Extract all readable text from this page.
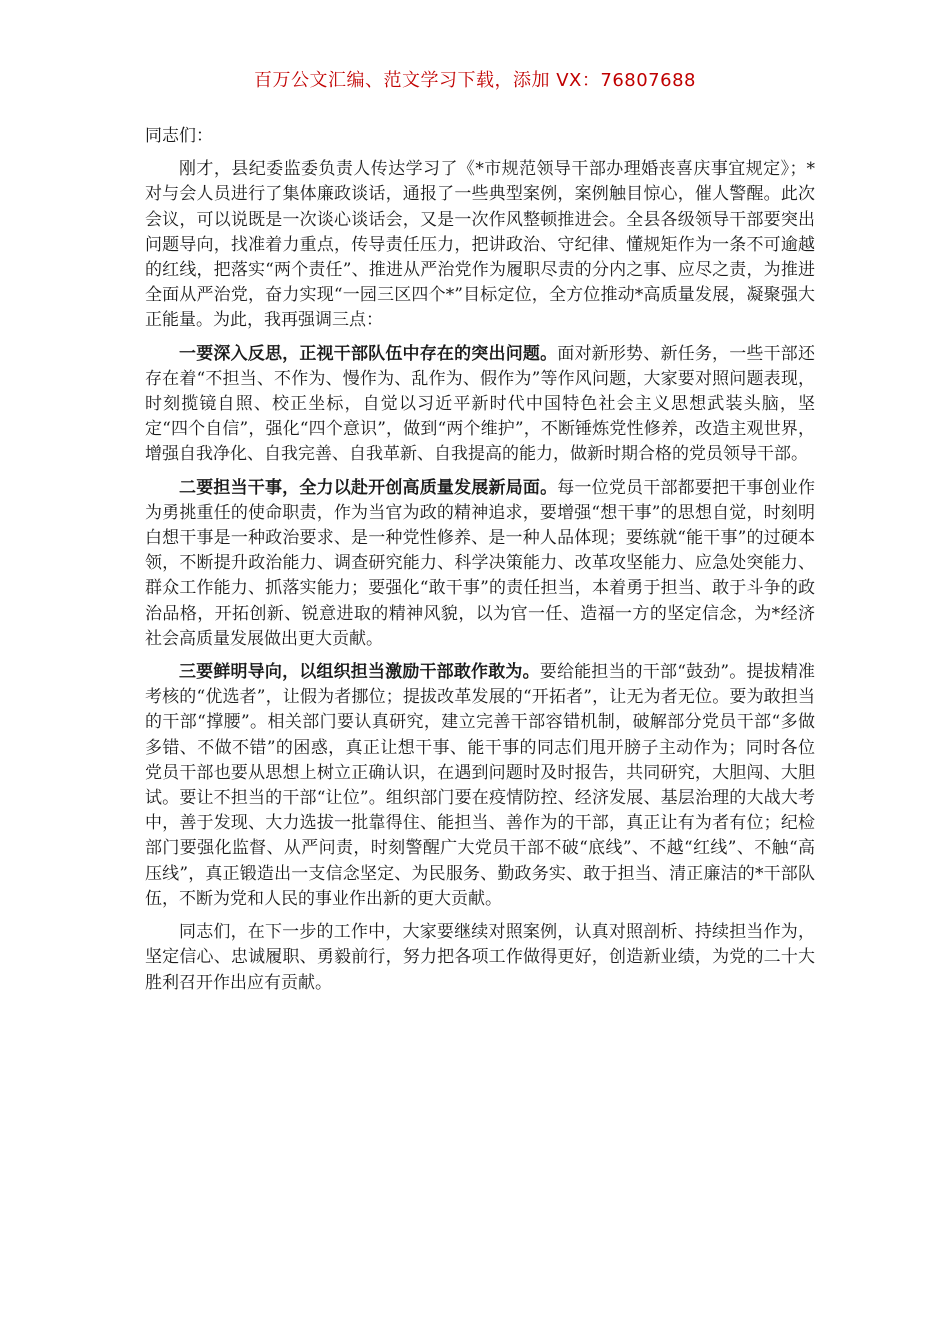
百万公文汇编、范文学习下载，添加 VX：76807688

同志们：

刚才，县纪委监委负责人传达学习了《*市规范领导干部办理婚丧喜庆事宜规定》；*对与会人员进行了集体廉政谈话，通报了一些典型案例，案例触目惊心，催人警醒。此次会议，可以说既是一次谈心谈话会，又是一次作风整顿推进会。全县各级领导干部要突出问题导向，找准着力重点，传导责任压力，把讲政治、守纪律、懂规矩作为一条不可逾越的红线，把落实“两个责任”、推进从严治党作为履职尽责的分内之事、应尽之责，为推进全面从严治党，奋力实现“一园三区四个*”目标定位，全方位推动*高质量发展，凝聚强大正能量。为此，我再强调三点：

一要深入反思，正视干部队伍中存在的突出问题。面对新形势、新任务，一些干部还存在着“不担当、不作为、慢作为、乱作为、假作为”等作风问题，大家要对照问题表现，时刻揽镜自照、校正坐标，自觉以习近平新时代中国特色社会主义思想武装头脑，坚定“四个自信”，强化“四个意识”，做到“两个维护”，不断锤炼党性修养，改造主观世界，增强自我净化、自我完善、自我革新、自我提高的能力，做新时期合格的党员领导干部。

二要担当干事，全力以赴开创高质量发展新局面。每一位党员干部都要把干事创业作为勇挑重任的使命职责，作为当官为政的精神追求，要增强“想干事”的思想自觉，时刻明白想干事是一种政治要求、是一种党性修养、是一种人品体现；要练就“能干事”的过硬本领，不断提升政治能力、调查研究能力、科学决策能力、改革攻坚能力、应急处突能力、群众工作能力、抓落实能力；要强化“敢干事”的责任担当，本着勇于担当、敢于斗争的政治品格，开拓创新、锐意进取的精神风貌，以为官一任、造福一方的坚定信念，为*经济社会高质量发展做出更大贡献。

三要鲜明导向，以组织担当激励干部敢作敢为。要给能担当的干部“鼓劲”。提拔精准考核的“优选者”，让假为者挪位；提拔改革发展的“开拓者”，让无为者无位。要为敢担当的干部“撑腰”。相关部门要认真研究，建立完善干部容错机制，破解部分党员干部“多做多错、不做不错”的困惑，真正让想干事、能干事的同志们甩开膀子主动作为；同时各位党员干部也要从思想上树立正确认识，在遇到问题时及时报告，共同研究，大胆闯、大胆试。要让不担当的干部“让位”。组织部门要在疫情防控、经济发展、基层治理的大战大考中，善于发现、大力选拔一批靠得住、能担当、善作为的干部，真正让有为者有位；纪检部门要强化监督、从严问责，时刻警醒广大党员干部不破“底线”、不越“红线”、不触“高压线”，真正锻造出一支信念坚定、为民服务、勤政务实、敢于担当、清正廉洁的*干部队伍，不断为党和人民的事业作出新的更大贡献。

同志们，在下一步的工作中，大家要继续对照案例，认真对照剖析、持续担当作为，坚定信心、忠诚履职、勇毅前行，努力把各项工作做得更好，创造新业绩，为党的二十大胜利召开作出应有贡献。
